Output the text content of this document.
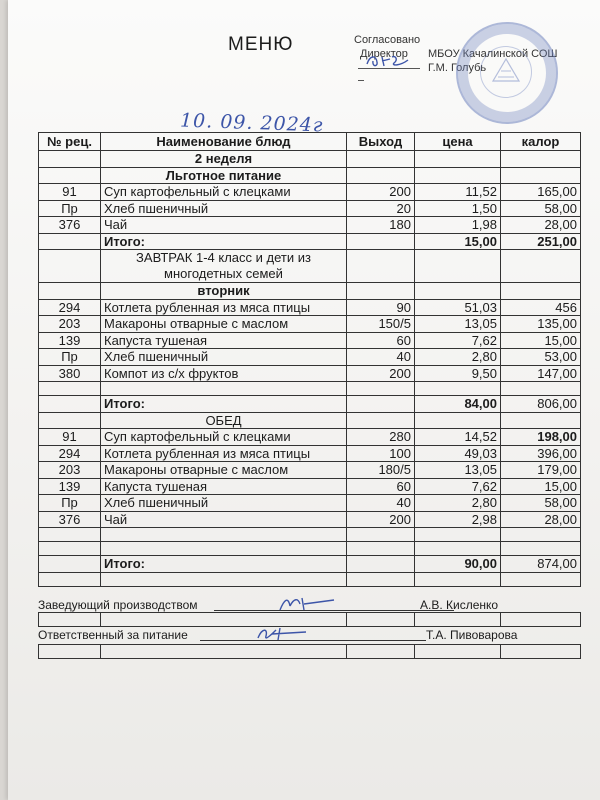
МЕНЮ	Согласовано
Директор МБОУ Качалинской СОШ
Г.М. Голубь
10. 09. 2024г
№ рец.	Наименование блюд	Выход	цена	калор
	2 неделя			
	Льготное питание			
91	Суп картофельный с клецками	200	11,52	165,00
Пр	Хлеб пшеничный	20	1,50	58,00
376	Чай	180	1,98	28,00
	Итого:		15,00	251,00
	ЗАВТРАК 1-4 класс и дети из многодетных семей			
	вторник			
294	Котлета рубленная из мяса птицы	90	51,03	456
203	Макароны отварные с маслом	150/5	13,05	135,00
139	Капуста тушеная	60	7,62	15,00
Пр	Хлеб пшеничный	40	2,80	53,00
380	Компот из с/х фруктов	200	9,50	147,00

	Итого:		84,00	806,00
	ОБЕД			
91	Суп картофельный с клецками	280	14,52	198,00
294	Котлета рубленная из мяса птицы	100	49,03	396,00
203	Макароны отварные с маслом	180/5	13,05	179,00
139	Капуста тушеная	60	7,62	15,00
Пр	Хлеб пшеничный	40	2,80	58,00
376	Чай	200	2,98	28,00

	Итого:		90,00	874,00

Заведующий производством	А.В. Кисленко

Ответственный за питание	Т.А. Пивоварова
